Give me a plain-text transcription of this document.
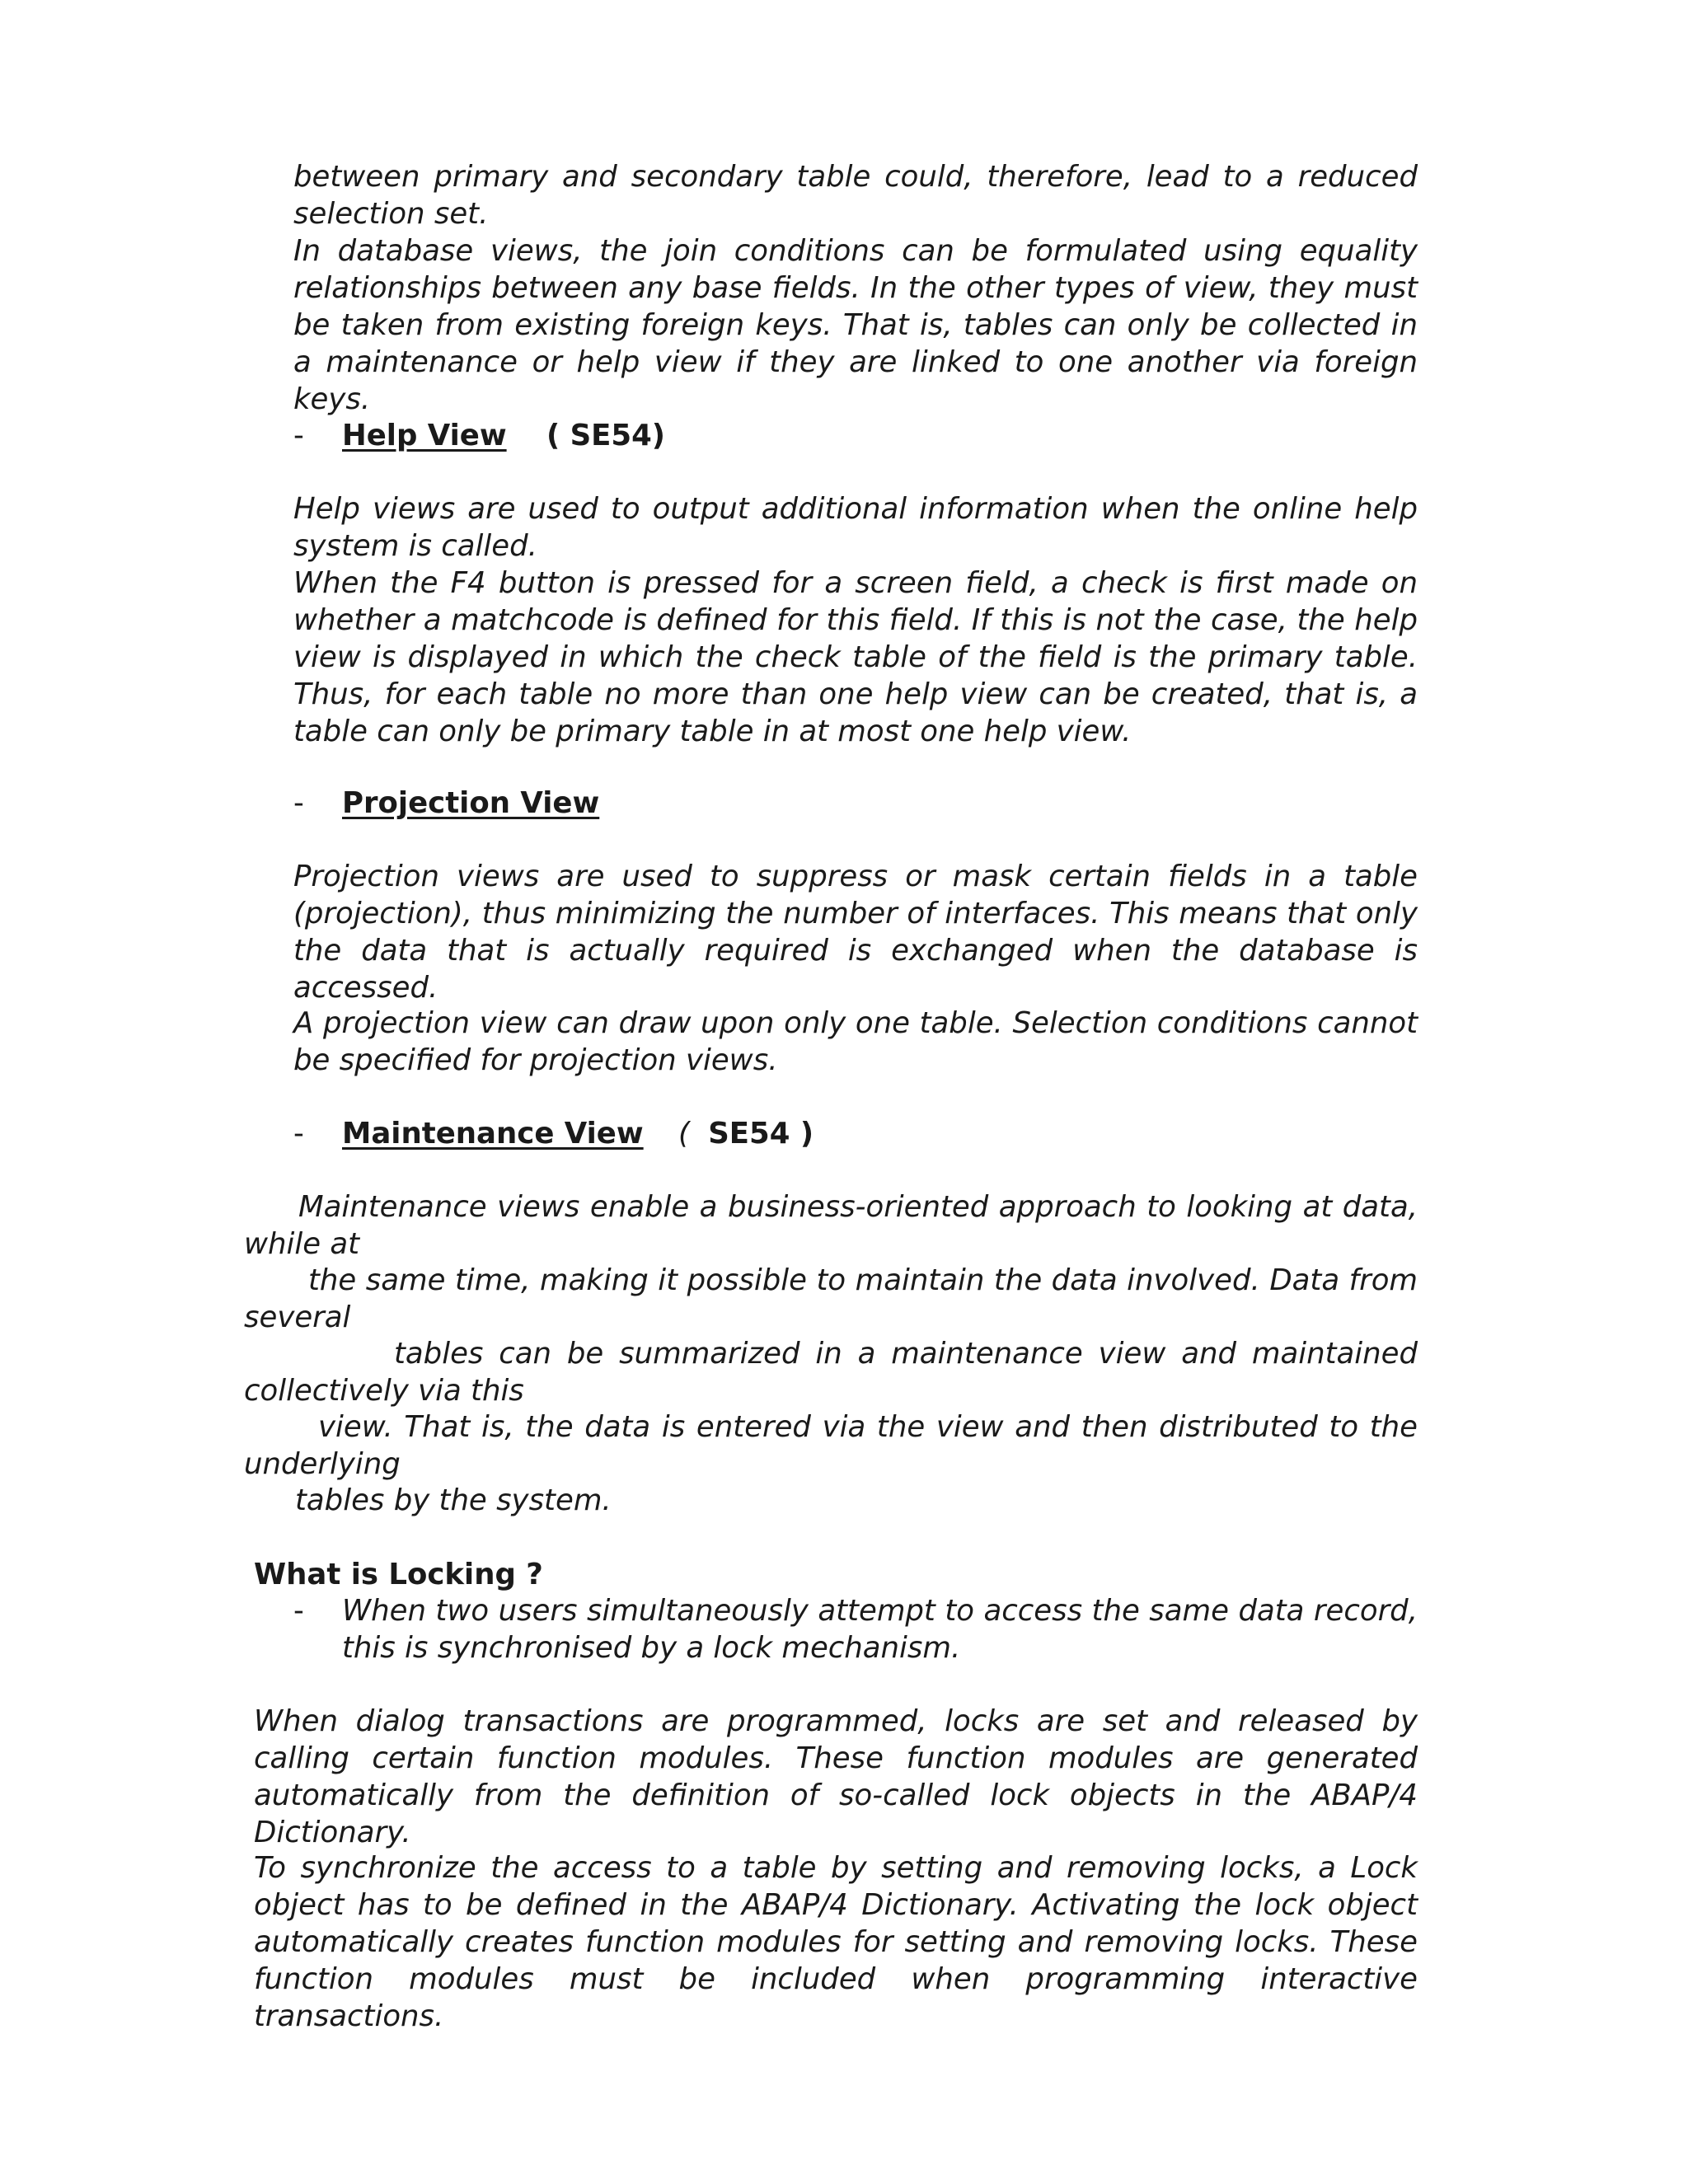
between primary and secondary table could, therefore, lead to a reduced selection set.

In database views, the join conditions can be formulated using equality relationships between any base fields. In the other types of view, they must be taken from existing foreign keys. That is, tables can only be collected in a maintenance or help view if they are linked to one another via foreign keys.

- Help View ( SE54)

Help views are used to output additional information when the online help system is called.

When the F4 button is pressed for a screen field, a check is first made on whether a matchcode is defined for this field. If this is not the case, the help view is displayed in which the check table of the field is the primary table. Thus, for each table no more than one help view can be created, that is, a table can only be primary table in at most one help view.

- Projection View

Projection views are used to suppress or mask certain fields in a table (projection), thus minimizing the number of interfaces. This means that only the data that is actually required is exchanged when the database is accessed.

A projection view can draw upon only one table. Selection conditions cannot be specified for projection views.

- Maintenance View ( SE54 )

Maintenance views enable a business-oriented approach to looking at data,

while at

the same time, making it possible to maintain the data involved. Data from

several

tables can be summarized in a maintenance view and maintained

collectively via this

view. That is, the data is entered via the view and then distributed to the

underlying

tables by the system.

What is Locking ?
- When two users simultaneously attempt to access the same data record, this is synchronised by a lock mechanism.

When dialog transactions are programmed, locks are set and released by calling certain function modules. These function modules are generated automatically from the definition of so-called lock objects in the ABAP/4 Dictionary.

To synchronize the access to a table by setting and removing locks, a Lock object has to be defined in the ABAP/4 Dictionary. Activating the lock object automatically creates function modules for setting and removing locks. These function modules must be included when programming interactive transactions.
